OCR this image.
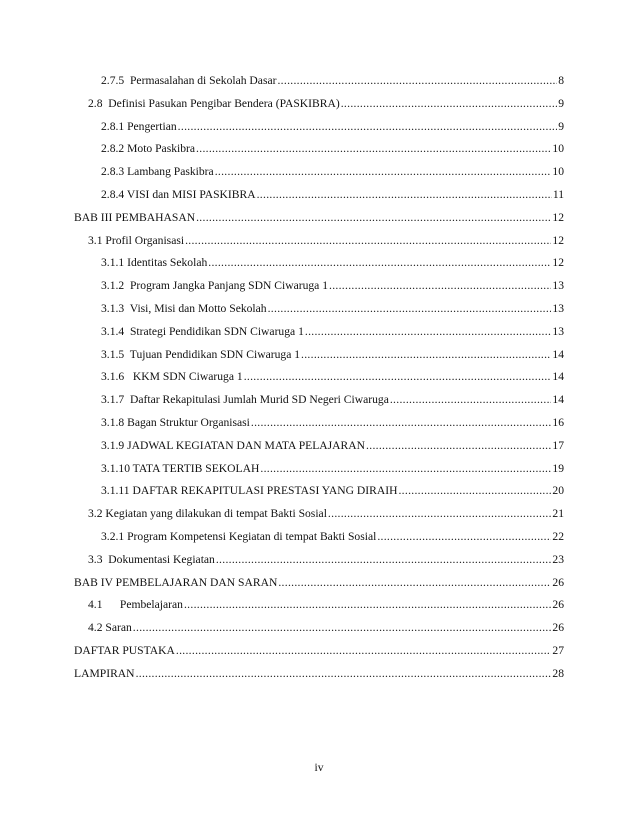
2.7.5  Permasalahan di Sekolah Dasar .....	8
2.8  Definisi Pasukan Pengibar Bendera (PASKIBRA) .....	9
2.8.1 Pengertian .....	9
2.8.2 Moto Paskibra .....	10
2.8.3 Lambang Paskibra .....	10
2.8.4 VISI dan MISI PASKIBRA .....	11
BAB III PEMBAHASAN .....	12
3.1 Profil Organisasi .....	12
3.1.1 Identitas Sekolah .....	12
3.1.2  Program Jangka Panjang SDN Ciwaruga 1 .....	13
3.1.3  Visi, Misi dan Motto Sekolah .....	13
3.1.4  Strategi Pendidikan SDN Ciwaruga 1 .....	13
3.1.5  Tujuan Pendidikan SDN Ciwaruga 1 .....	14
3.1.6   KKM SDN Ciwaruga 1 .....	14
3.1.7  Daftar Rekapitulasi Jumlah Murid SD Negeri Ciwaruga .....	14
3.1.8 Bagan Struktur Organisasi .....	16
3.1.9 JADWAL KEGIATAN DAN MATA PELAJARAN .....	17
3.1.10 TATA TERTIB SEKOLAH .....	19
3.1.11 DAFTAR REKAPITULASI PRESTASI YANG DIRAIH .....	20
3.2 Kegiatan yang dilakukan di tempat Bakti Sosial .....	21
3.2.1 Program Kompetensi Kegiatan di tempat Bakti Sosial .....	22
3.3  Dokumentasi Kegiatan .....	23
BAB IV PEMBELAJARAN DAN SARAN .....	26
4.1      Pembelajaran .....	26
4.2 Saran .....	26
DAFTAR PUSTAKA .....	27
LAMPIRAN .....	28
iv
